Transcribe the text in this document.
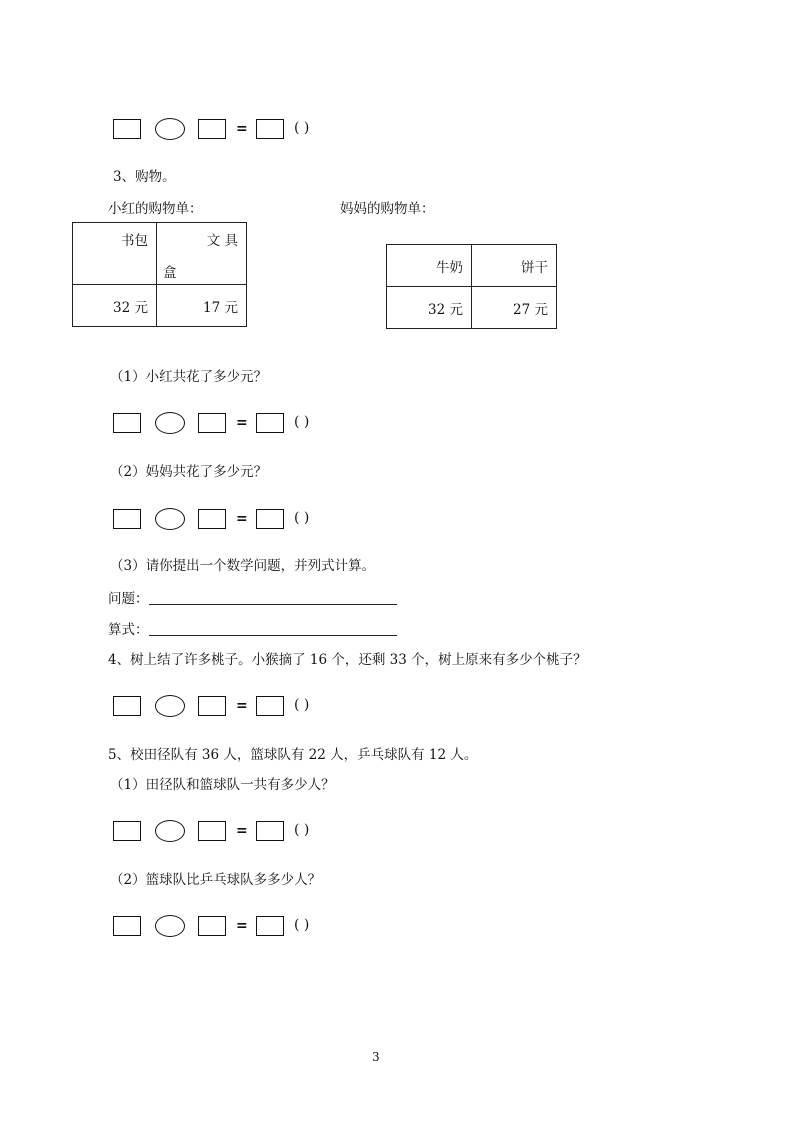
=	( )
3、购物。
小红的购物单：	妈妈的购物单：
书包	文 具
盒

32 元	17 元
牛奶	饼干
32 元	27 元
（1）小红共花了多少元？
=	( )
（2）妈妈共花了多少元？
=	( )
（3）请你提出一个数学问题，并列式计算。
问题：
算式：
4、树上结了许多桃子。小猴摘了 16 个，还剩 33 个，树上原来有多少个桃子？
=	( )
5、校田径队有 36 人，篮球队有 22 人，乒乓球队有 12 人。
（1）田径队和篮球队一共有多少人？
=	( )
（2）篮球队比乒乓球队多多少人？
=	( )
3
